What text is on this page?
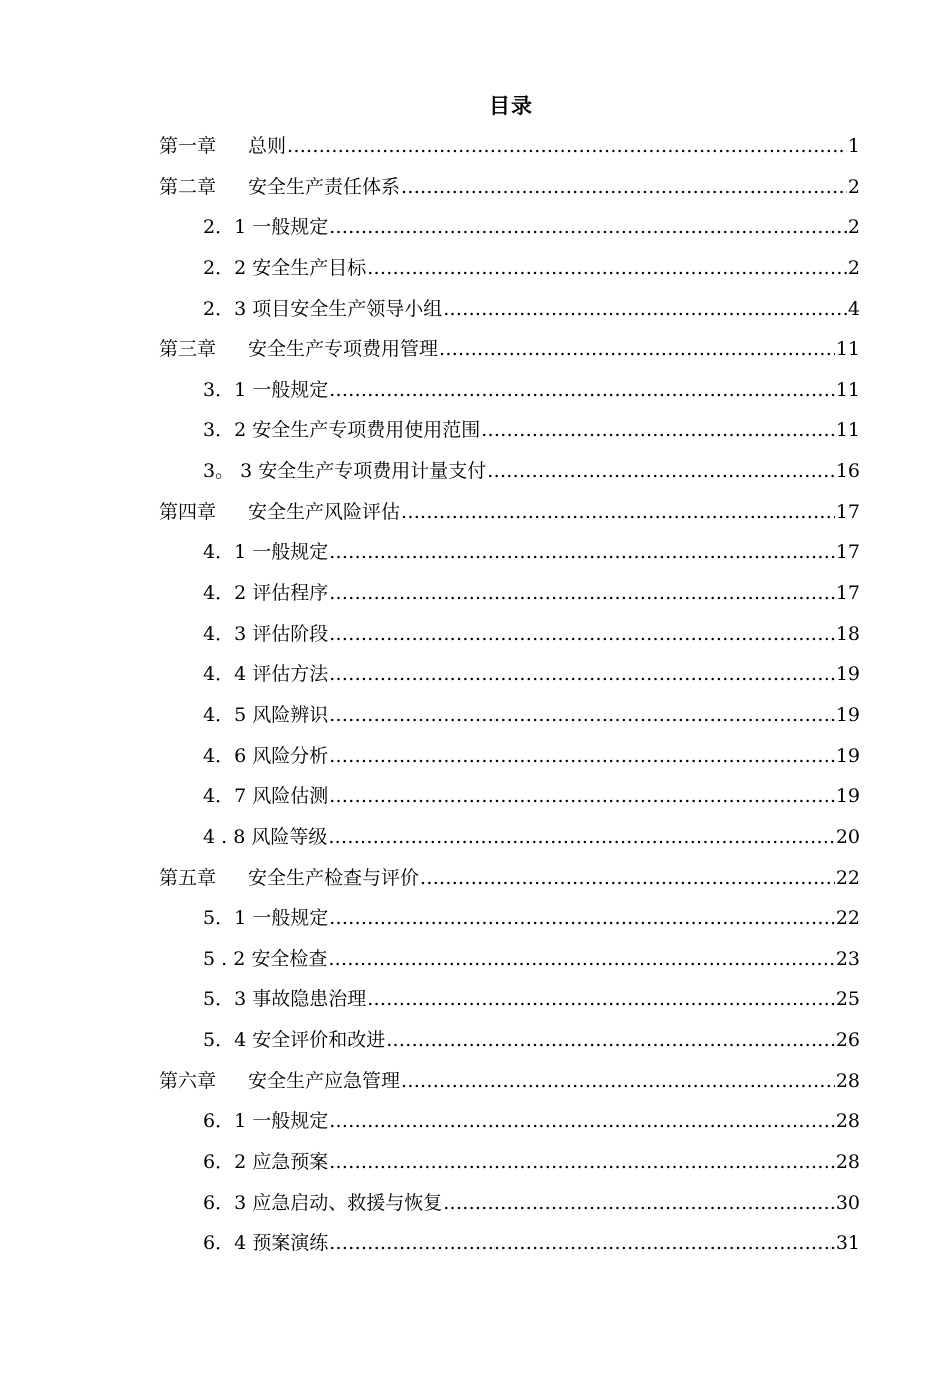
目录
第一章 总则 .....	1
第二章 安全生产责任体系 .....	2
2．1 一般规定 .....	2
2．2 安全生产目标 .....	2
2．3 项目安全生产领导小组 .....	4
第三章 安全生产专项费用管理 .....	11
3．1 一般规定 .....	11
3．2 安全生产专项费用使用范围 .....	11
3。 3 安全生产专项费用计量支付 .....	16
第四章 安全生产风险评估 .....	17
4．1 一般规定 .....	17
4．2 评估程序 .....	17
4．3 评估阶段 .....	18
4．4 评估方法 .....	19
4．5 风险辨识 .....	19
4．6 风险分析 .....	19
4．7 风险估测 .....	19
4 . 8 风险等级 .....	20
第五章 安全生产检查与评价 .....	22
5．1 一般规定 .....	22
5 . 2 安全检查 .....	23
5．3 事故隐患治理 .....	25
5．4 安全评价和改进 .....	26
第六章 安全生产应急管理 .....	28
6．1 一般规定 .....	28
6．2 应急预案 .....	28
6．3 应急启动、救援与恢复 .....	30
6．4 预案演练 .....	31
